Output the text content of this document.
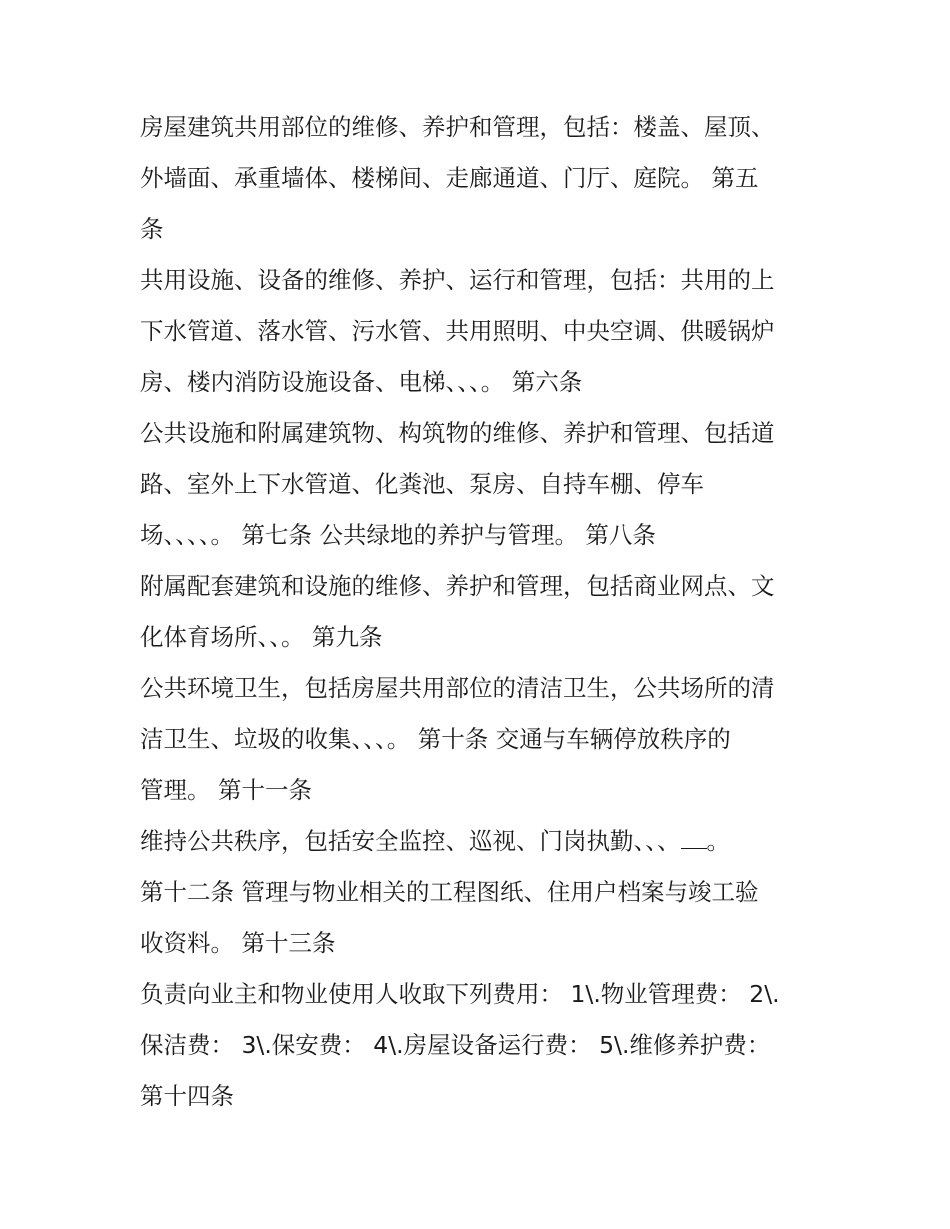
房屋建筑共用部位的维修、养护和管理，包括：楼盖、屋顶、
外墙面、承重墙体、楼梯间、走廊通道、门厅、庭院。 第五
条
共用设施、设备的维修、养护、运行和管理，包括：共用的上
下水管道、落水管、污水管、共用照明、中央空调、供暖锅炉
房、楼内消防设施设备、电梯、、、。 第六条
公共设施和附属建筑物、构筑物的维修、养护和管理、包括道
路、室外上下水管道、化粪池、泵房、自持车棚、停车
场、、、、。 第七条 公共绿地的养护与管理。 第八条
附属配套建筑和设施的维修、养护和管理，包括商业网点、文
化体育场所、、。 第九条
公共环境卫生，包括房屋共用部位的清洁卫生，公共场所的清
洁卫生、垃圾的收集、、、。 第十条 交通与车辆停放秩序的
管理。 第十一条
维持公共秩序，包括安全监控、巡视、门岗执勤、、、 。
第十二条 管理与物业相关的工程图纸、住用户档案与竣工验
收资料。 第十三条
负责向业主和物业使用人收取下列费用： 1\.物业管理费： 2\.
保洁费： 3\.保安费： 4\.房屋设备运行费： 5\.维修养护费：
第十四条
